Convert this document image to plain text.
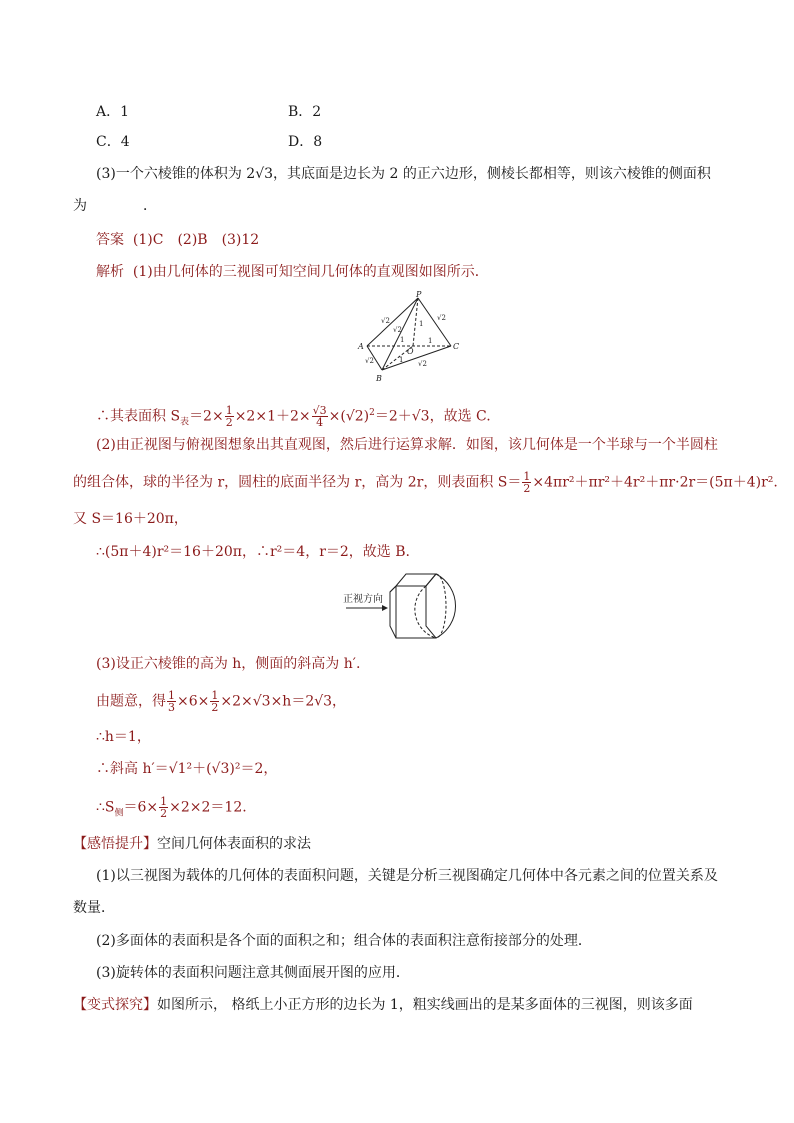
A．1	B．2
C．4	D．8
(3)一个六棱锥的体积为 2√3，其底面是边长为 2 的正六边形，侧棱长都相等，则该六棱锥的侧面积
为	．
答案 (1)C　(2)B　(3)12
解析 (1)由几何体的三视图可知空间几何体的直观图如图所示．
P
A
B
C
O
√2
√2
√2
√2	√2
1
1	1
1
∴其表面积 $S_表=2\times \frac{1}{2} \times 2\times 1+2\times \frac{√3}{4} \times(√2)^2=2+√3$，故选 C.
(2)由正视图与俯视图想象出其直观图，然后进行运算求解．如图，该几何体是一个半球与一个半圆柱
的组合体，球的半径为 r，圆柱的底面半径为 r，高为 2r，则表面积 $S= \frac{1}{2} \times 4\pi r^2+\pi r^2+4r^2+\pi r\cdot 2r=(5\pi+4)r^2$.
又 S＝16＋20π，
∴(5π＋4)r²＝16＋20π，∴r²＝4，r＝2，故选 B.
正视方向
(3)设正六棱锥的高为 h，侧面的斜高为 h′.
由题意，得 $\frac{1}{3} \times 6\times \frac{1}{2} \times 2\times√3\times h=2√3$，
∴h＝1，
∴斜高 h′＝√1²＋(√3)²＝2，
$\therefore S_侧=6\times \frac{1}{2} \times 2\times 2=12$.
【感悟提升】空间几何体表面积的求法
(1)以三视图为载体的几何体的表面积问题，关键是分析三视图确定几何体中各元素之间的位置关系及
数量．
(2)多面体的表面积是各个面的面积之和；组合体的表面积注意衔接部分的处理．
(3)旋转体的表面积问题注意其侧面展开图的应用．
【变式探究】如图所示， 格纸上小正方形的边长为 1，粗实线画出的是某多面体的三视图，则该多面
